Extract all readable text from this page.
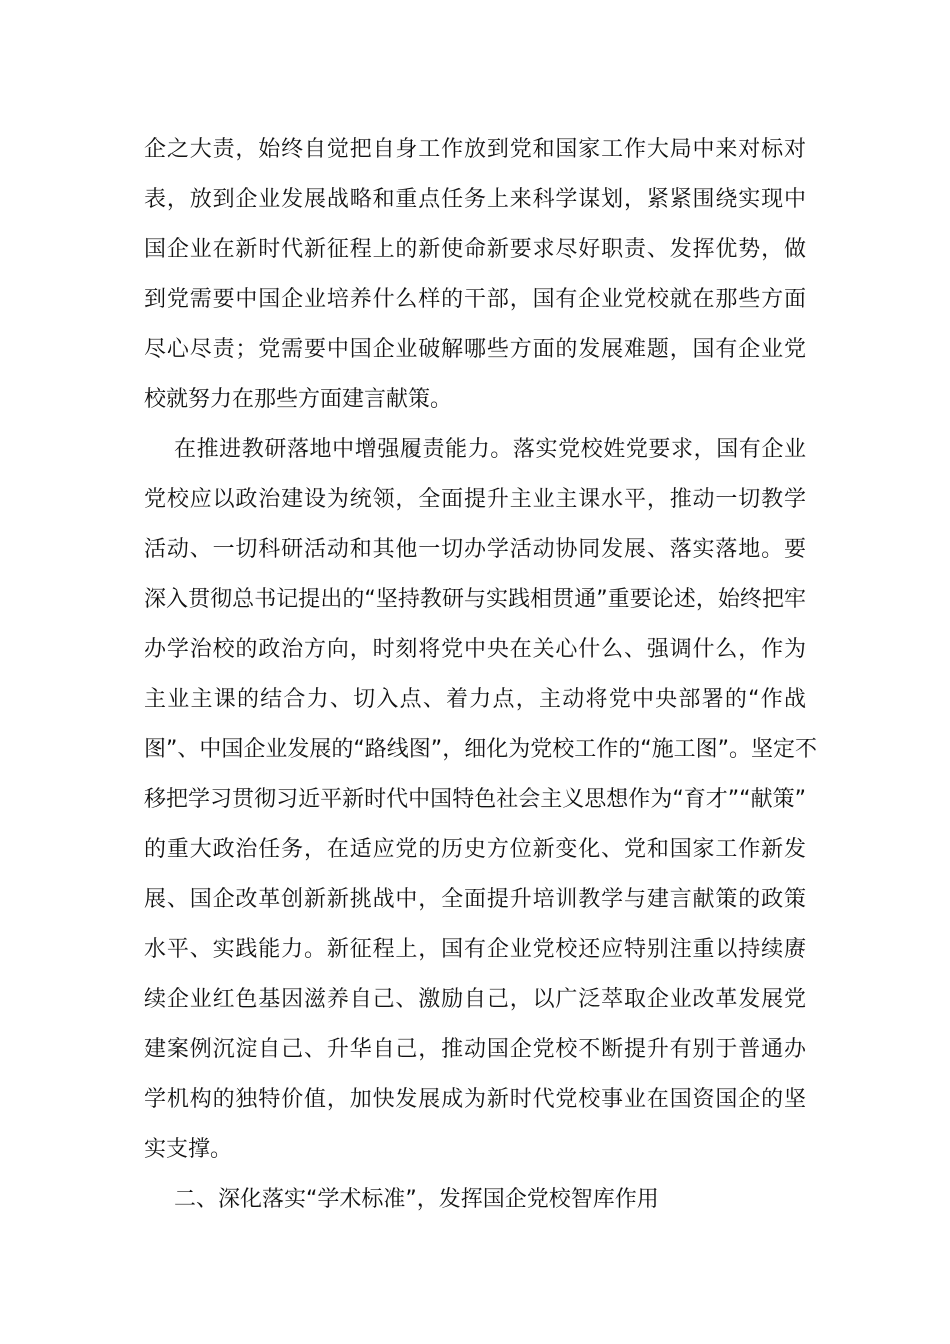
企之大责，始终自觉把自身工作放到党和国家工作大局中来对标对
表，放到企业发展战略和重点任务上来科学谋划，紧紧围绕实现中
国企业在新时代新征程上的新使命新要求尽好职责、发挥优势，做
到党需要中国企业培养什么样的干部，国有企业党校就在那些方面
尽心尽责；党需要中国企业破解哪些方面的发展难题，国有企业党
校就努力在那些方面建言献策。
在推进教研落地中增强履责能力。落实党校姓党要求，国有企业
党校应以政治建设为统领，全面提升主业主课水平，推动一切教学
活动、一切科研活动和其他一切办学活动协同发展、落实落地。要
深入贯彻总书记提出的“坚持教研与实践相贯通”重要论述，始终把牢
办学治校的政治方向，时刻将党中央在关心什么、强调什么，作为
主业主课的结合力、切入点、着力点，主动将党中央部署的“作战
图”、中国企业发展的“路线图”，细化为党校工作的“施工图”。坚定不
移把学习贯彻习近平新时代中国特色社会主义思想作为“育才”“献策”
的重大政治任务，在适应党的历史方位新变化、党和国家工作新发
展、国企改革创新新挑战中，全面提升培训教学与建言献策的政策
水平、实践能力。新征程上，国有企业党校还应特别注重以持续赓
续企业红色基因滋养自己、激励自己，以广泛萃取企业改革发展党
建案例沉淀自己、升华自己，推动国企党校不断提升有别于普通办
学机构的独特价值，加快发展成为新时代党校事业在国资国企的坚
实支撑。
二、深化落实“学术标准”，发挥国企党校智库作用
